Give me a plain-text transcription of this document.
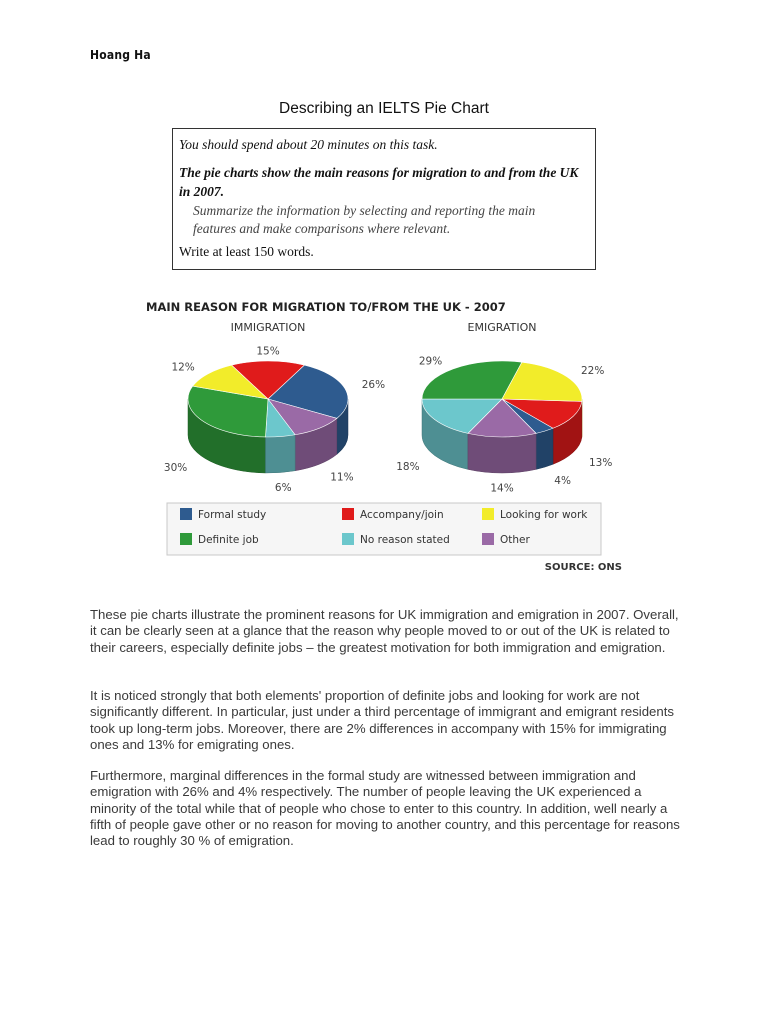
Hoang Ha
Describing an IELTS Pie Chart
You should spend about 20 minutes on this task.
The pie charts show the main reasons for migration to and from the UK in 2007.
Summarize the information by selecting and reporting the main features and make comparisons where relevant.
Write at least 150 words.
MAIN REASON FOR MIGRATION TO/FROM THE UK - 2007
IMMIGRATION
26%
11%
6%
30%
12%
15%
EMIGRATION
13%
4%
14%
18%
29%
22%
Formal study	Accompany/join	Looking for work
Definite job	No reason stated	Other
SOURCE: ONS
These pie charts illustrate the prominent reasons for UK immigration and emigration in 2007. Overall, it can be clearly seen at a glance that the reason why people moved to or out of the UK is related to their careers, especially definite jobs – the greatest motivation for both immigration and emigration.
It is noticed strongly that both elements' proportion of definite jobs and looking for work are not significantly different. In particular, just under a third percentage of immigrant and emigrant residents took up long-term jobs. Moreover, there are 2% differences in accompany with 15% for immigrating ones and 13% for emigrating ones.
Furthermore, marginal differences in the formal study are witnessed between immigration and emigration with 26% and 4% respectively. The number of people leaving the UK experienced a minority of the total while that of people who chose to enter to this country. In addition, well nearly a fifth of people gave other or no reason for moving to another country, and this percentage for reasons lead to roughly 30 % of emigration.
